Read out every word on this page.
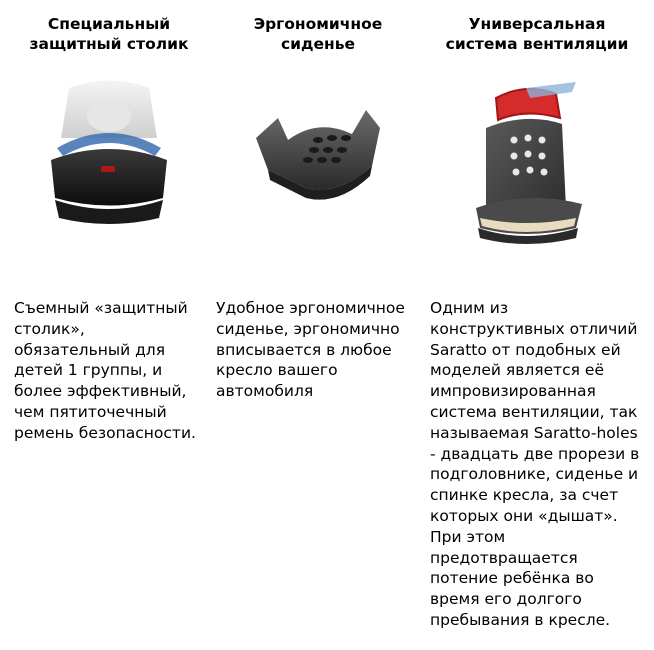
Специальный
защитный столик
Съемный «защитный столик», обязательный для детей 1 группы, и более эффективный, чем пятиточечный ремень безопасности.
Эргономичное сиденье
Удобное эргономичное сиденье, эргономично вписывается в любое кресло вашего автомобиля
Универсальная
система вентиляции
Одним из конструктивных отличий Saratto от подобных ей моделей является её импровизированная система вентиляции, так называемая Saratto-holes - двадцать две прорези в подголовнике, сиденье и спинке кресла, за счет которых они «дышат». При этом предотвращается потение ребёнка во время его долгого пребывания в кресле.
